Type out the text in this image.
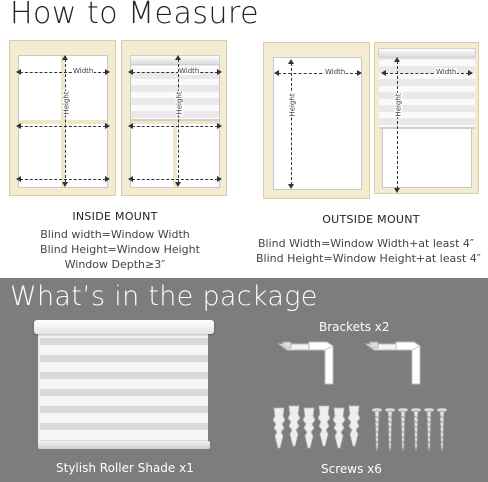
How to Measure
Width
Height
Width
Height
Width
Height
Width
Height
INSIDE MOUNT
Blind width=Window Width
Blind Height=Window Height
Window Depth≥3″
OUTSIDE MOUNT
Blind Width=Window Width+at least 4″
Blind Height=Window Height+at least 4″
What’s in the package
Stylish Roller Shade x1
Brackets x2
Screws x6
